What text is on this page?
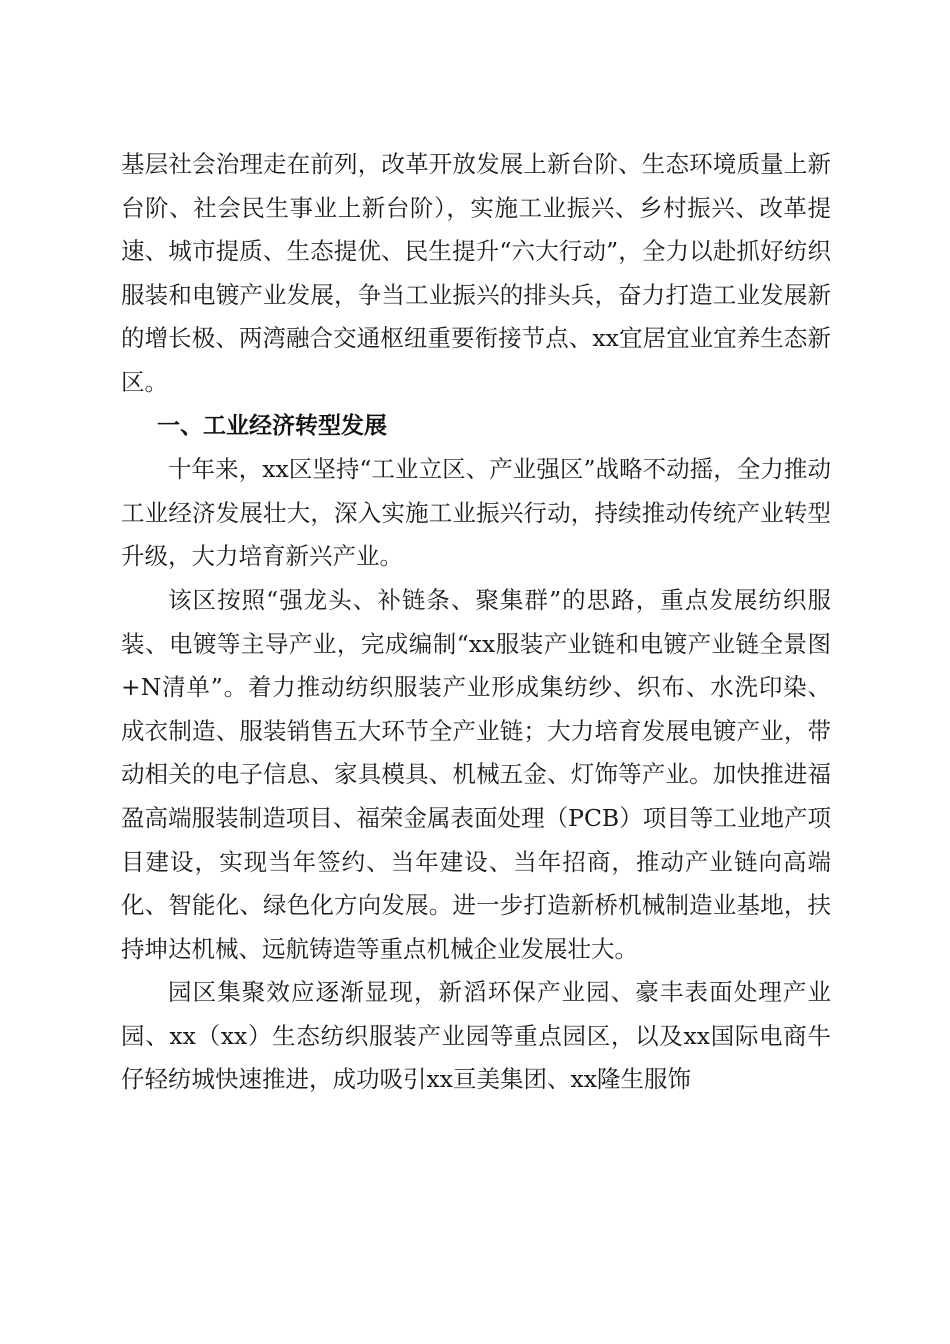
基层社会治理走在前列，改革开放发展上新台阶、生态环境质量上新台阶、社会民生事业上新台阶），实施工业振兴、乡村振兴、改革提速、城市提质、生态提优、民生提升“六大行动”，全力以赴抓好纺织服装和电镀产业发展，争当工业振兴的排头兵，奋力打造工业发展新的增长极、两湾融合交通枢纽重要衔接节点、xx宜居宜业宜养生态新区。

一、工业经济转型发展

十年来，xx区坚持“工业立区、产业强区”战略不动摇，全力推动工业经济发展壮大，深入实施工业振兴行动，持续推动传统产业转型升级，大力培育新兴产业。

该区按照“强龙头、补链条、聚集群”的思路，重点发展纺织服装、电镀等主导产业，完成编制“xx服装产业链和电镀产业链全景图+N清单”。着力推动纺织服装产业形成集纺纱、织布、水洗印染、成衣制造、服装销售五大环节全产业链；大力培育发展电镀产业，带动相关的电子信息、家具模具、机械五金、灯饰等产业。加快推进福盈高端服装制造项目、福荣金属表面处理（PCB）项目等工业地产项目建设，实现当年签约、当年建设、当年招商，推动产业链向高端化、智能化、绿色化方向发展。进一步打造新桥机械制造业基地，扶持坤达机械、远航铸造等重点机械企业发展壮大。

园区集聚效应逐渐显现，新滔环保产业园、豪丰表面处理产业园、xx（xx）生态纺织服装产业园等重点园区，以及xx国际电商牛仔轻纺城快速推进，成功吸引xx亘美集团、xx隆生服饰
